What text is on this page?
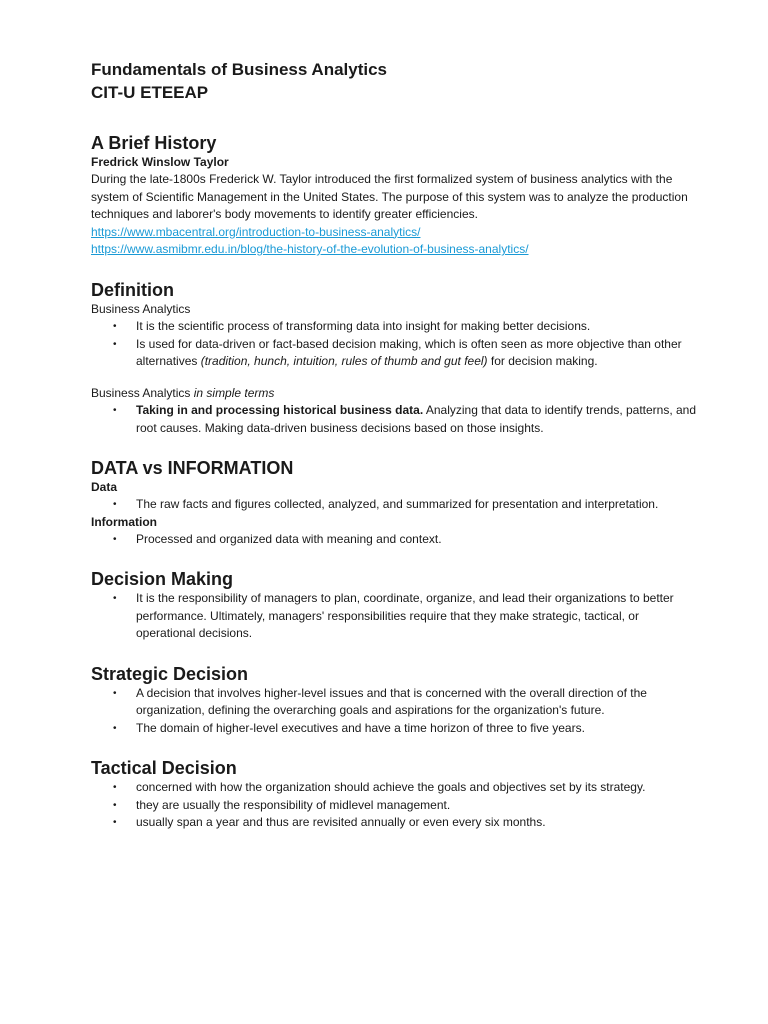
Fundamentals of Business Analytics
CIT-U ETEEAP
A Brief History
Fredrick Winslow Taylor
During the late-1800s Frederick W. Taylor introduced the first formalized system of business analytics with the system of Scientific Management in the United States. The purpose of this system was to analyze the production techniques and laborer's body movements to identify greater efficiencies.
https://www.mbacentral.org/introduction-to-business-analytics/
https://www.asmibmr.edu.in/blog/the-history-of-the-evolution-of-business-analytics/
Definition
Business Analytics
• It is the scientific process of transforming data into insight for making better decisions.
• Is used for data-driven or fact-based decision making, which is often seen as more objective than other alternatives (tradition, hunch, intuition, rules of thumb and gut feel) for decision making.
Business Analytics in simple terms
• Taking in and processing historical business data. Analyzing that data to identify trends, patterns, and root causes. Making data-driven business decisions based on those insights.
DATA vs INFORMATION
Data
• The raw facts and figures collected, analyzed, and summarized for presentation and interpretation.
Information
• Processed and organized data with meaning and context.
Decision Making
• It is the responsibility of managers to plan, coordinate, organize, and lead their organizations to better performance. Ultimately, managers' responsibilities require that they make strategic, tactical, or operational decisions.
Strategic Decision
• A decision that involves higher-level issues and that is concerned with the overall direction of the organization, defining the overarching goals and aspirations for the organization's future.
• The domain of higher-level executives and have a time horizon of three to five years.
Tactical Decision
• concerned with how the organization should achieve the goals and objectives set by its strategy.
• they are usually the responsibility of midlevel management.
• usually span a year and thus are revisited annually or even every six months.
